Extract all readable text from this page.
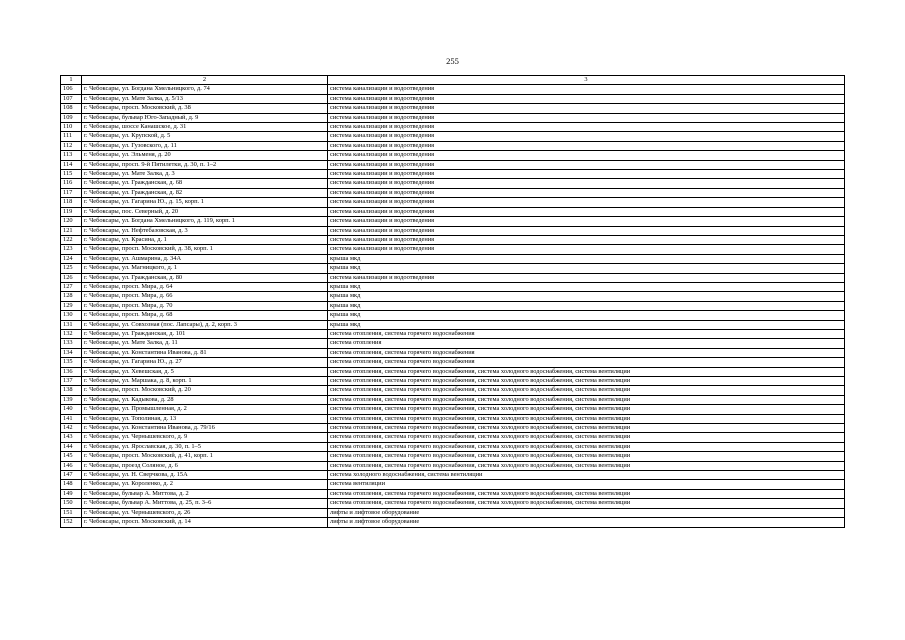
255
1	2	3
106	г. Чебоксары, ул. Богдана Хмельницкого, д. 74	система канализации и водоотведения
107	г. Чебоксары, ул. Мате Залка, д. 5/13	система канализации и водоотведения
108	г. Чебоксары, просп. Московский, д. 38	система канализации и водоотведения
109	г. Чебоксары, бульвар Юго-Западный, д. 9	система канализации и водоотведения
110	г. Чебоксары, шоссе Канашское, д. 31	система канализации и водоотведения
111	г. Чебоксары, ул. Крупской, д. 5	система канализации и водоотведения
112	г. Чебоксары, ул. Гузовского, д. 11	система канализации и водоотведения
113	г. Чебоксары, ул. Эльменя, д. 20	система канализации и водоотведения
114	г. Чебоксары, просп. 9-й Пятилетки, д. 30, п. 1–2	система канализации и водоотведения
115	г. Чебоксары, ул. Мате Залка, д. 3	система канализации и водоотведения
116	г. Чебоксары, ул. Гражданская, д. 68	система канализации и водоотведения
117	г. Чебоксары, ул. Гражданская, д. 82	система канализации и водоотведения
118	г. Чебоксары, ул. Гагарина Ю., д. 15, корп. 1	система канализации и водоотведения
119	г. Чебоксары, пос. Северный, д. 20	система канализации и водоотведения
120	г. Чебоксары, ул. Богдана Хмельницкого, д. 119, корп. 1	система канализации и водоотведения
121	г. Чебоксары, ул. Нефтебазовская, д. 3	система канализации и водоотведения
122	г. Чебоксары, ул. Красина, д. 1	система канализации и водоотведения
123	г. Чебоксары, просп. Московский, д. 38, корп. 1	система канализации и водоотведения
124	г. Чебоксары, ул. Ашмарина, д. 34А	крыша мкд
125	г. Чебоксары, ул. Магницкого, д. 1	крыша мкд
126	г. Чебоксары, ул. Гражданская, д. 80	система канализации и водоотведения
127	г. Чебоксары, просп. Мира, д. 64	крыша мкд
128	г. Чебоксары, просп. Мира, д. 66	крыша мкд
129	г. Чебоксары, просп. Мира, д. 70	крыша мкд
130	г. Чебоксары, просп. Мира, д. 68	крыша мкд
131	г. Чебоксары, ул. Совхозная (пос. Лапсары), д. 2, корп. 3	крыша мкд
132	г. Чебоксары, ул. Гражданская, д. 101	система отопления, система горячего водоснабжения
133	г. Чебоксары, ул. Мате Залка, д. 11	система отопления
134	г. Чебоксары, ул. Константина Иванова, д. 81	система отопления, система горячего водоснабжения
135	г. Чебоксары, ул. Гагарина Ю., д. 27	система отопления, система горячего водоснабжения
136	г. Чебоксары, ул. Хевешская, д. 5	система отопления, система горячего водоснабжения, система холодного водоснабжения, система вентиляции
137	г. Чебоксары, ул. Маршака, д. 8, корп. 1	система отопления, система горячего водоснабжения, система холодного водоснабжения, система вентиляции
138	г. Чебоксары, просп. Московский, д. 20	система отопления, система горячего водоснабжения, система холодного водоснабжения, система вентиляции
139	г. Чебоксары, ул. Кадыкова, д. 28	система отопления, система горячего водоснабжения, система холодного водоснабжения, система вентиляции
140	г. Чебоксары, ул. Промышленная, д. 2	система отопления, система горячего водоснабжения, система холодного водоснабжения, система вентиляции
141	г. Чебоксары, ул. Тополиная, д. 13	система отопления, система горячего водоснабжения, система холодного водоснабжения, система вентиляции
142	г. Чебоксары, ул. Константина Иванова, д. 79/16	система отопления, система горячего водоснабжения, система холодного водоснабжения, система вентиляции
143	г. Чебоксары, ул. Чернышевского, д. 9	система отопления, система горячего водоснабжения, система холодного водоснабжения, система вентиляции
144	г. Чебоксары, ул. Ярославская, д. 30, п. 1–5	система отопления, система горячего водоснабжения, система холодного водоснабжения, система вентиляции
145	г. Чебоксары, просп. Московский, д. 41, корп. 1	система отопления, система горячего водоснабжения, система холодного водоснабжения, система вентиляции
146	г. Чебоксары, проезд Соляное, д. 6	система отопления, система горячего водоснабжения, система холодного водоснабжения, система вентиляции
147	г. Чебоксары, ул. Н. Сверчкова, д. 15А	система холодного водоснабжения, система вентиляции
148	г. Чебоксары, ул. Короленко, д. 2	система вентиляции
149	г. Чебоксары, бульвар А. Миттова, д. 2	система отопления, система горячего водоснабжения, система холодного водоснабжения, система вентиляции
150	г. Чебоксары, бульвар А. Миттова, д. 25, п. 3–6	система отопления, система горячего водоснабжения, система холодного водоснабжения, система вентиляции
151	г. Чебоксары, ул. Чернышевского, д. 26	лифты и лифтовое оборудование
152	г. Чебоксары, просп. Московский, д. 14	лифты и лифтовое оборудование
